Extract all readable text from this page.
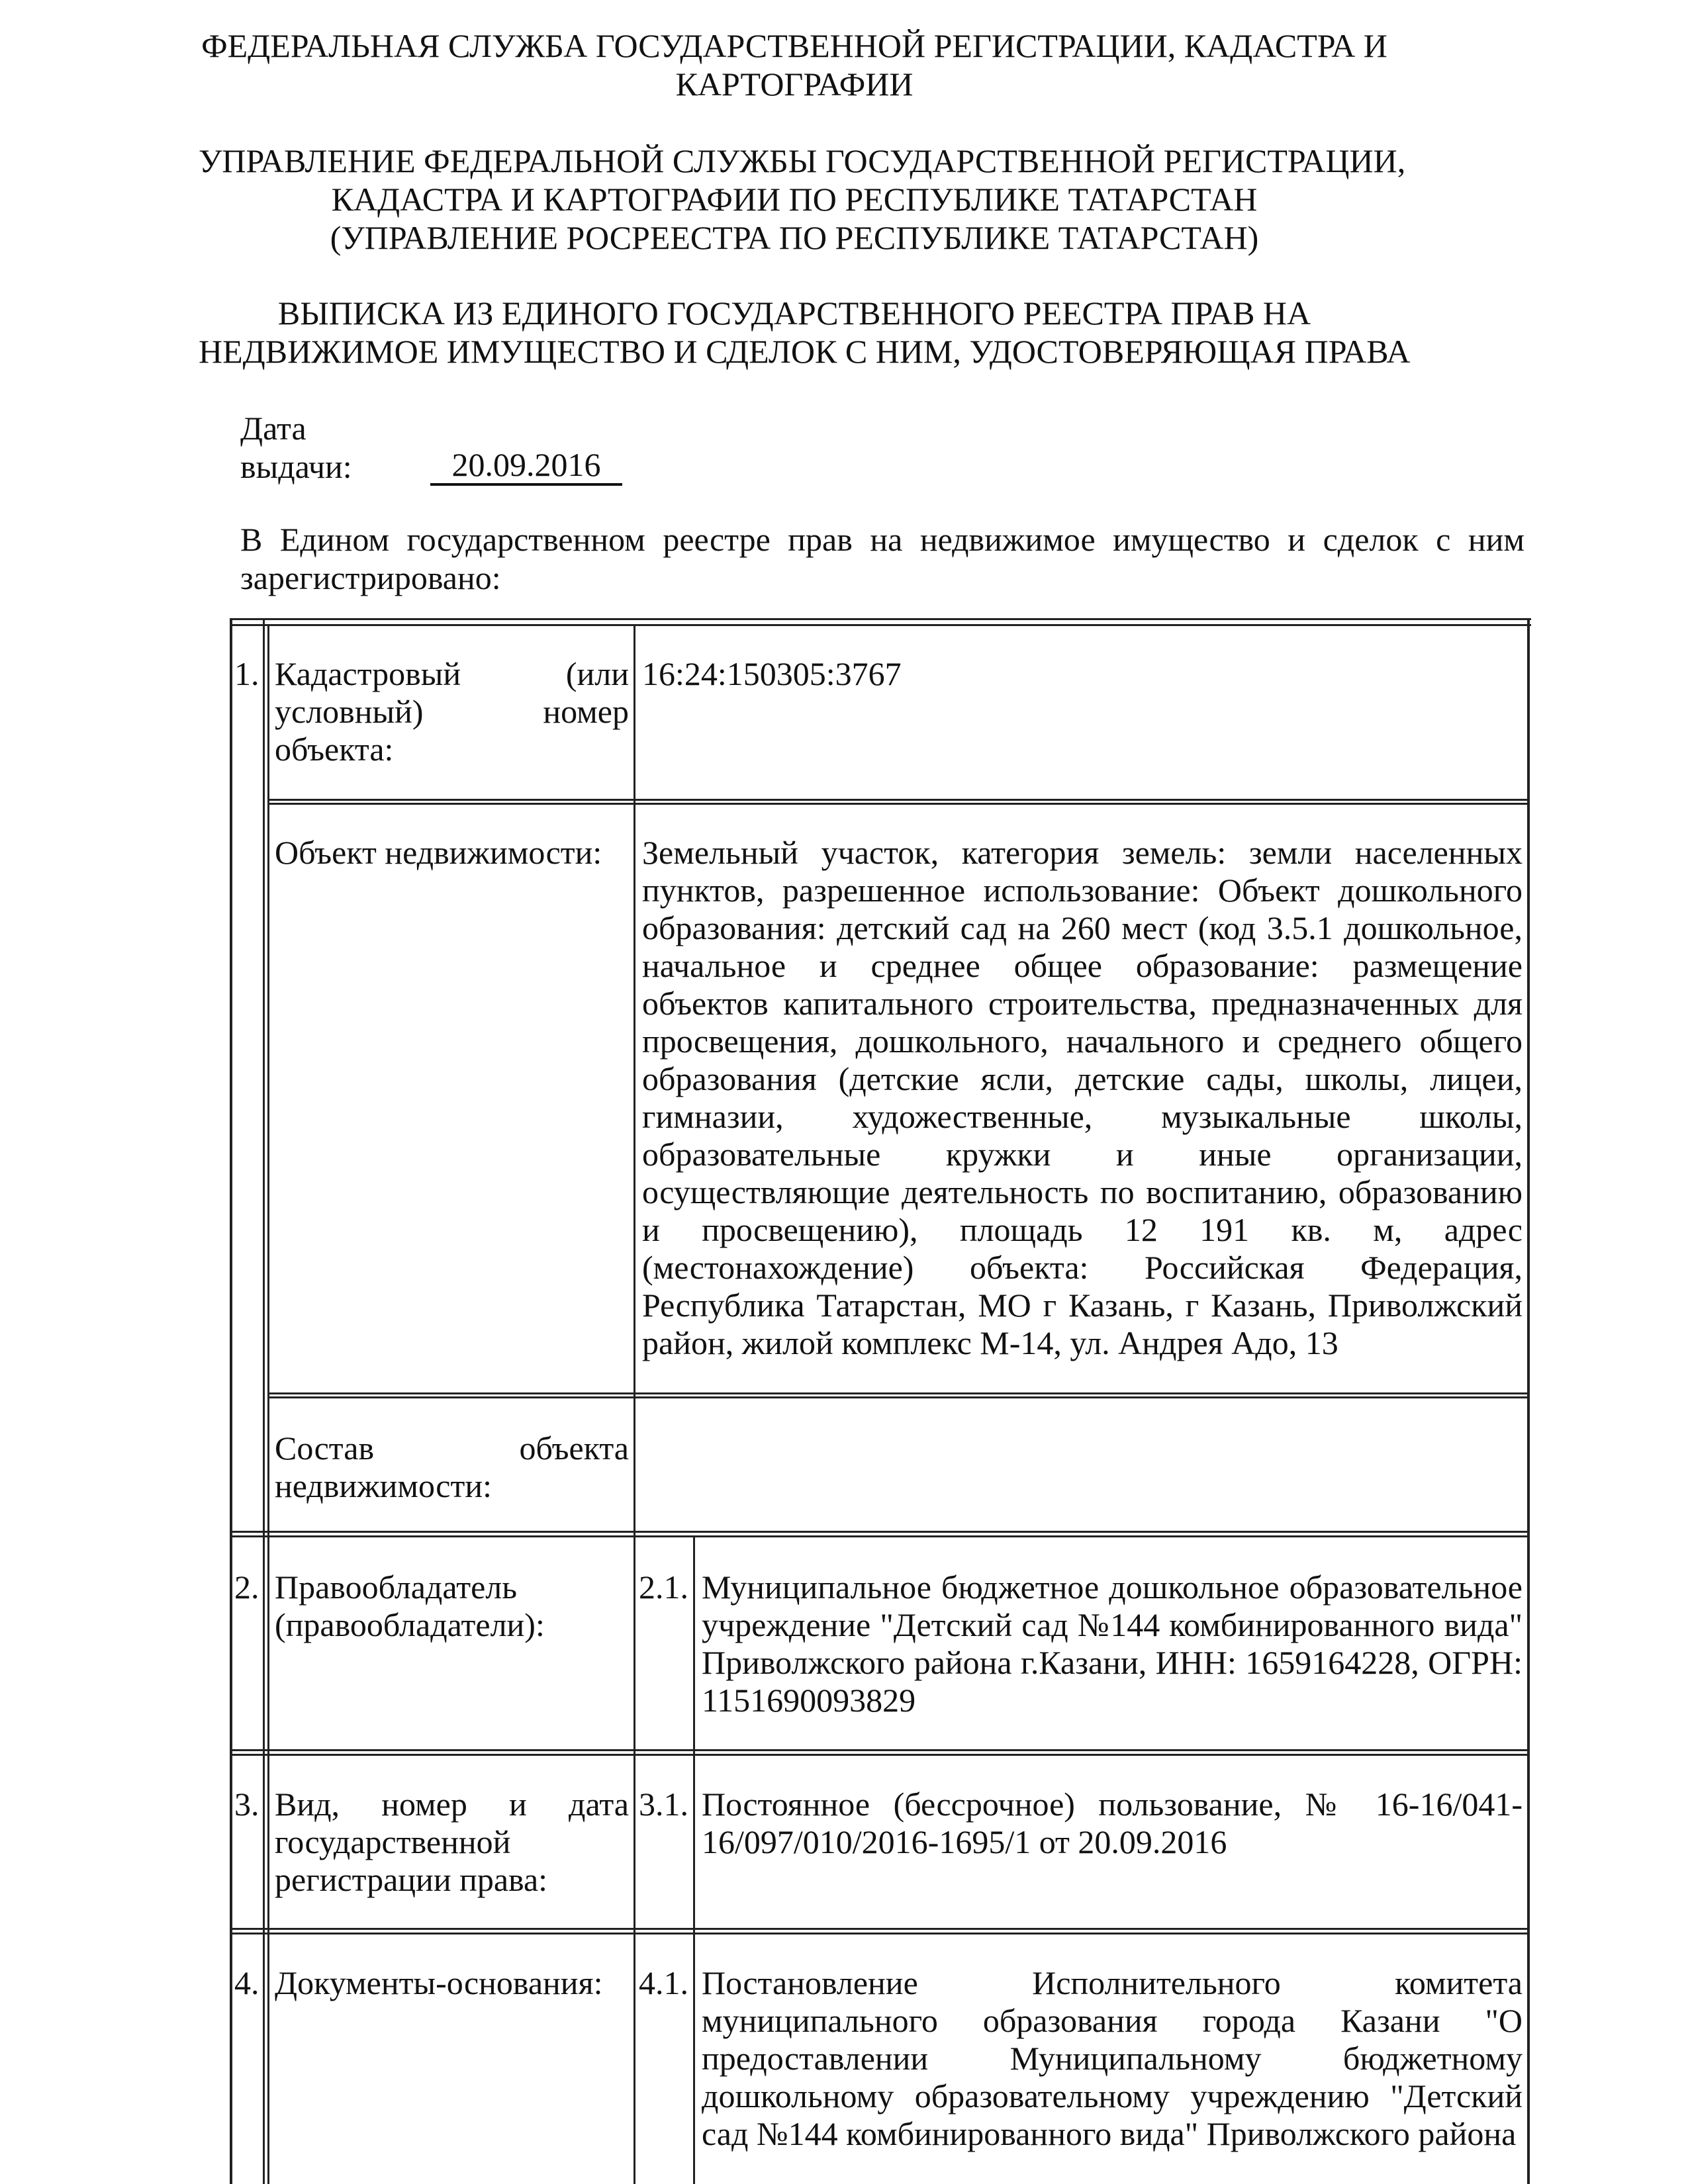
ФЕДЕРАЛЬНАЯ СЛУЖБА ГОСУДАРСТВЕННОЙ РЕГИСТРАЦИИ, КАДАСТРА И
КАРТОГРАФИИ
УПРАВЛЕНИЕ ФЕДЕРАЛЬНОЙ СЛУЖБЫ ГОСУДАРСТВЕННОЙ РЕГИСТРАЦИИ,
КАДАСТРА И КАРТОГРАФИИ ПО РЕСПУБЛИКЕ ТАТАРСТАН
(УПРАВЛЕНИЕ РОСРЕЕСТРА ПО РЕСПУБЛИКЕ ТАТАРСТАН)
ВЫПИСКА ИЗ ЕДИНОГО ГОСУДАРСТВЕННОГО РЕЕСТРА ПРАВ НА
НЕДВИЖИМОЕ ИМУЩЕСТВО И СДЕЛОК С НИМ, УДОСТОВЕРЯЮЩАЯ ПРАВА
Дата
выдачи:	20.09.2016
В Едином государственном реестре прав на недвижимое имущество и сделок с ним зарегистрировано:
1. Кадастровый (или условный) номер объекта:
16:24:150305:3767
Объект недвижимости:	Земельный участок, категория земель: земли населенных пунктов, разрешенное использование: Объект дошкольного образования: детский сад на 260 мест (код 3.5.1 дошкольное, начальное и среднее общее образование: размещение объектов капитального строительства, предназначенных для просвещения, дошкольного, начального и среднего общего образования (детские ясли, детские сады, школы, лицеи, гимназии, художественные, музыкальные школы, образовательные кружки и иные организации, осуществляющие деятельность по воспитанию, образованию и просвещению), площадь 12 191 кв. м, адрес (местонахождение) объекта: Российская Федерация, Республика Татарстан, МО г Казань, г Казань, Приволжский район, жилой комплекс М-14, ул. Андрея Адо, 13
Состав объекта недвижимости:
2. Правообладатель (правообладатели):
2.1. Муниципальное бюджетное дошкольное образовательное учреждение "Детский сад №144 комбинированного вида" Приволжского района г.Казани, ИНН: 1659164228, ОГРН: 1151690093829
3. Вид, номер и дата государственной регистрации права:
3.1. Постоянное (бессрочное) пользование, № 16-16/041-16/097/010/2016-1695/1 от 20.09.2016
4. Документы-основания:	4.1. Постановление Исполнительного комитета муниципального образования города Казани "О предоставлении Муниципальному бюджетному дошкольному образовательному учреждению "Детский сад №144 комбинированного вида" Приволжского района
